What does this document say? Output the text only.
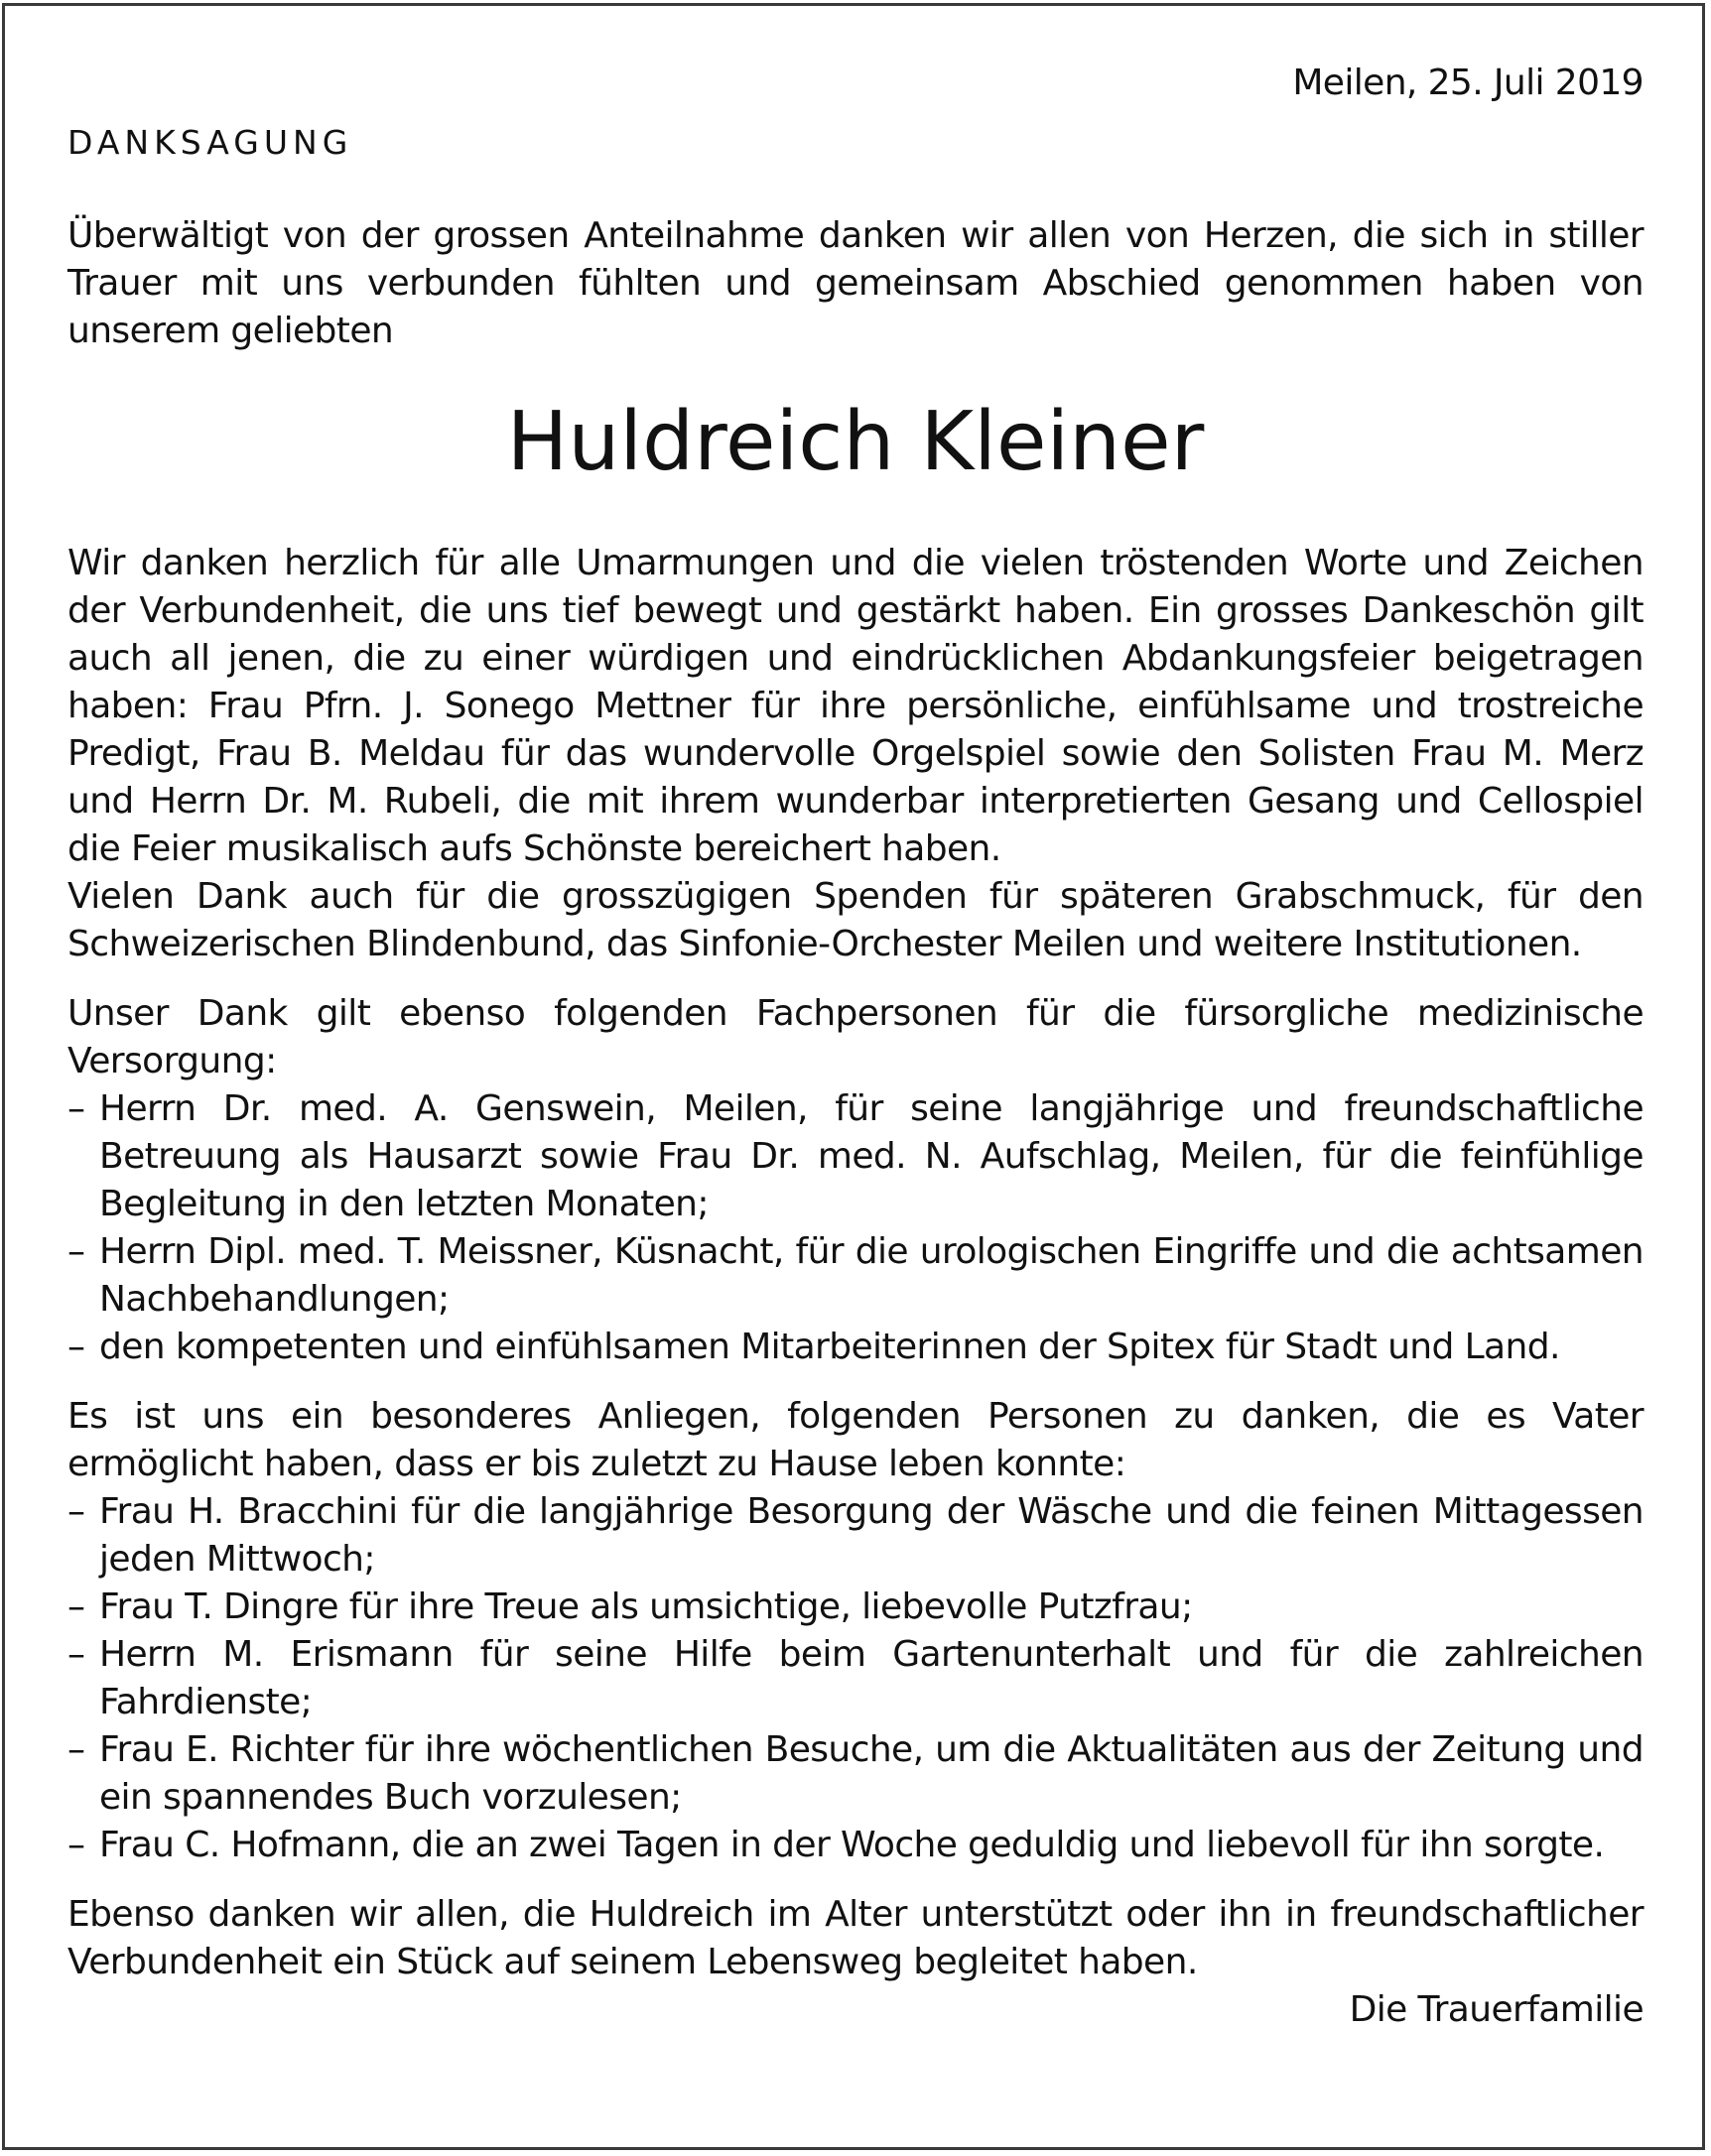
Meilen, 25. Juli 2019

DANKSAGUNG

Überwältigt von der grossen Anteilnahme danken wir allen von Herzen, die sich in stiller Trauer mit uns verbunden fühlten und gemeinsam Abschied genommen haben von unserem geliebten

Huldreich Kleiner

Wir danken herzlich für alle Umarmungen und die vielen tröstenden Worte und Zeichen der Verbundenheit, die uns tief bewegt und gestärkt haben. Ein grosses Dankeschön gilt auch all jenen, die zu einer würdigen und eindrücklichen Abdankungsfeier beigetragen haben: Frau Pfrn. J. Sonego Mettner für ihre persönliche, einfühlsame und trostreiche Predigt, Frau B. Meldau für das wundervolle Orgelspiel sowie den Solisten Frau M. Merz und Herrn Dr. M. Rubeli, die mit ihrem wunderbar interpretierten Gesang und Cellospiel die Feier musikalisch aufs Schönste bereichert haben.

Vielen Dank auch für die grosszügigen Spenden für späteren Grabschmuck, für den Schweizerischen Blindenbund, das Sinfonie-Orchester Meilen und weitere Institutionen.

Unser Dank gilt ebenso folgenden Fachpersonen für die fürsorgliche medizinische Versorgung:

– Herrn Dr. med. A. Genswein, Meilen, für seine langjährige und freundschaftliche Betreuung als Hausarzt sowie Frau Dr. med. N. Aufschlag, Meilen, für die feinfühlige Begleitung in den letzten Monaten;
– Herrn Dipl. med. T. Meissner, Küsnacht, für die urologischen Eingriffe und die achtsamen Nachbehandlungen;
– den kompetenten und einfühlsamen Mitarbeiterinnen der Spitex für Stadt und Land.

Es ist uns ein besonderes Anliegen, folgenden Personen zu danken, die es Vater ermöglicht haben, dass er bis zuletzt zu Hause leben konnte:

– Frau H. Bracchini für die langjährige Besorgung der Wäsche und die feinen Mittagessen jeden Mittwoch;
– Frau T. Dingre für ihre Treue als umsichtige, liebevolle Putzfrau;
– Herrn M. Erismann für seine Hilfe beim Gartenunterhalt und für die zahlreichen Fahrdienste;
– Frau E. Richter für ihre wöchentlichen Besuche, um die Aktualitäten aus der Zeitung und ein spannendes Buch vorzulesen;
– Frau C. Hofmann, die an zwei Tagen in der Woche geduldig und liebevoll für ihn sorgte.

Ebenso danken wir allen, die Huldreich im Alter unterstützt oder ihn in freundschaftlicher Verbundenheit ein Stück auf seinem Lebensweg begleitet haben.

Die Trauerfamilie
